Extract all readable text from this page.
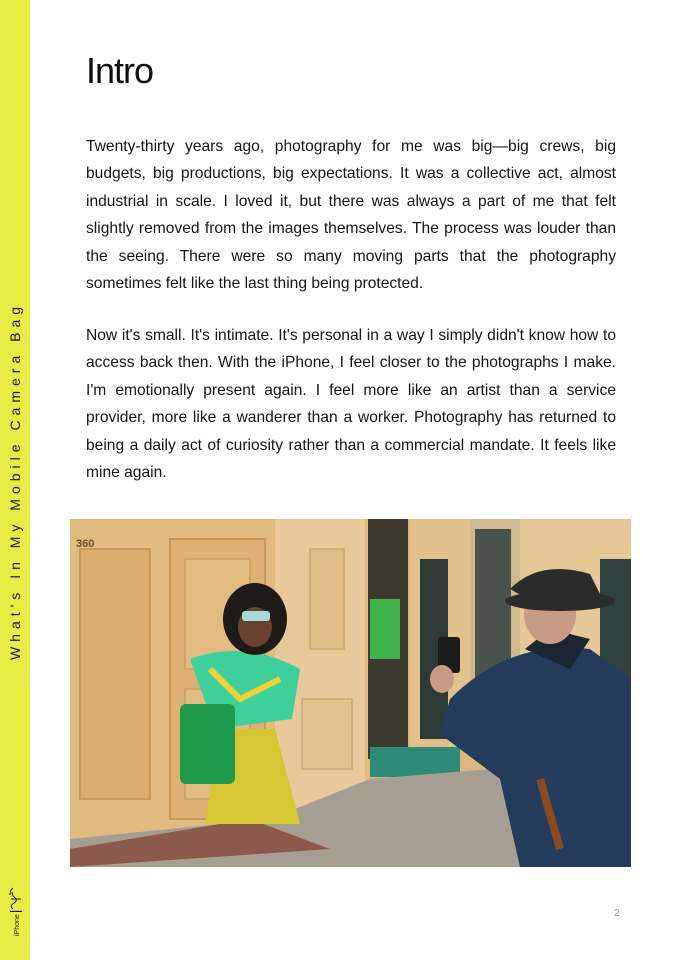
What's In My Mobile Camera Bag
iPhone
Intro

Twenty-thirty years ago, photography for me was big—big crews, big budgets, big productions, big expectations. It was a collective act, almost industrial in scale. I loved it, but there was always a part of me that felt slightly removed from the images themselves. The process was louder than the seeing. There were so many moving parts that the photography sometimes felt like the last thing being protected.

Now it's small. It's intimate. It's personal in a way I simply didn't know how to access back then. With the iPhone, I feel closer to the photographs I make. I'm emotionally present again. I feel more like an artist than a service provider, more like a wanderer than a worker. Photography has returned to being a daily act of curiosity rather than a commercial mandate. It feels like mine again.

360
2
